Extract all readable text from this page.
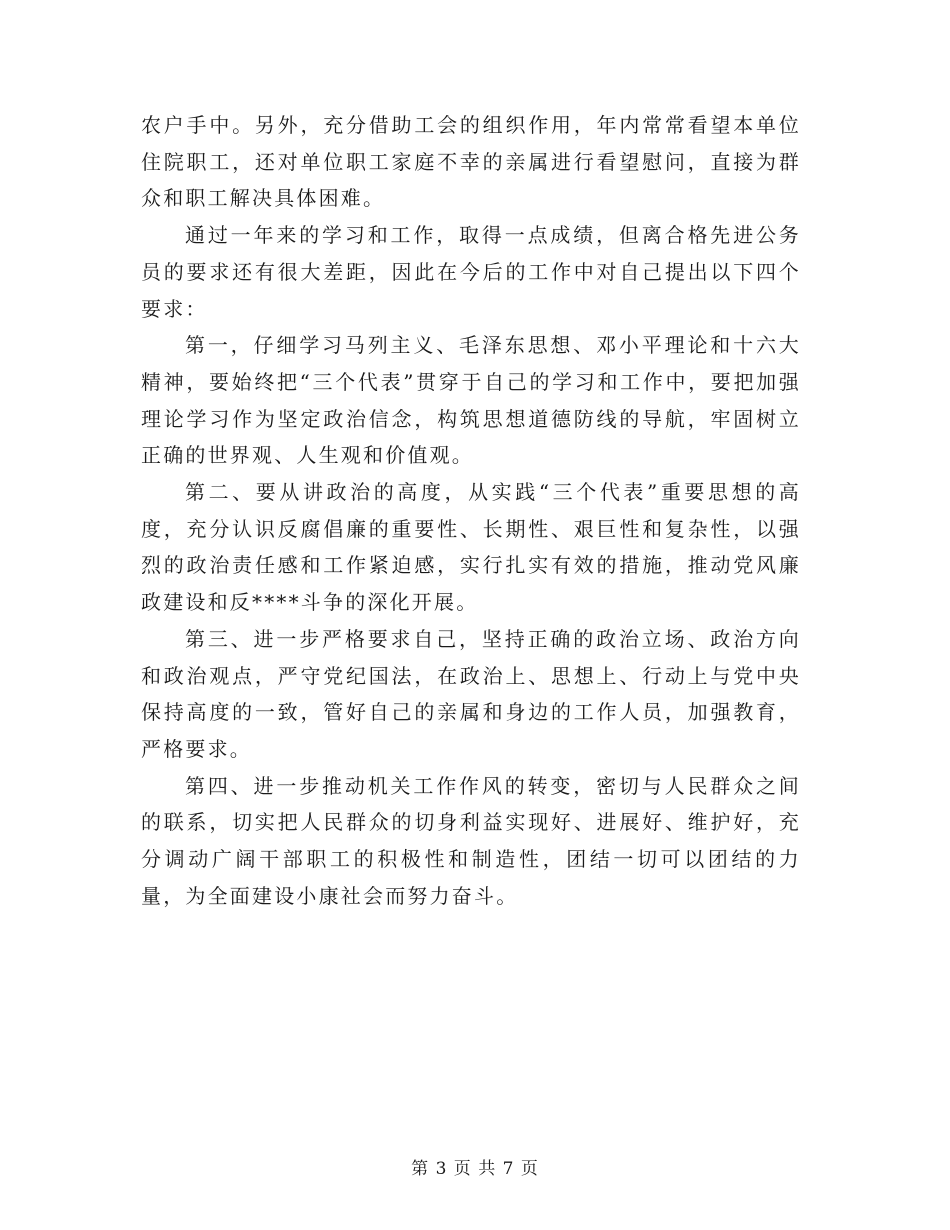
农户手中。另外，充分借助工会的组织作用，年内常常看望本单位住院职工，还对单位职工家庭不幸的亲属进行看望慰问，直接为群众和职工解决具体困难。

通过一年来的学习和工作，取得一点成绩，但离合格先进公务员的要求还有很大差距，因此在今后的工作中对自己提出以下四个要求：

第一，仔细学习马列主义、毛泽东思想、邓小平理论和十六大精神，要始终把“三个代表”贯穿于自己的学习和工作中，要把加强理论学习作为坚定政治信念，构筑思想道德防线的导航，牢固树立正确的世界观、人生观和价值观。

第二、要从讲政治的高度，从实践“三个代表”重要思想的高度，充分认识反腐倡廉的重要性、长期性、艰巨性和复杂性，以强烈的政治责任感和工作紧迫感，实行扎实有效的措施，推动党风廉政建设和反****斗争的深化开展。

第三、进一步严格要求自己，坚持正确的政治立场、政治方向和政治观点，严守党纪国法，在政治上、思想上、行动上与党中央保持高度的一致，管好自己的亲属和身边的工作人员，加强教育，严格要求。

第四、进一步推动机关工作作风的转变，密切与人民群众之间的联系，切实把人民群众的切身利益实现好、进展好、维护好，充分调动广阔干部职工的积极性和制造性，团结一切可以团结的力量，为全面建设小康社会而努力奋斗。

第 3 页 共 7 页
